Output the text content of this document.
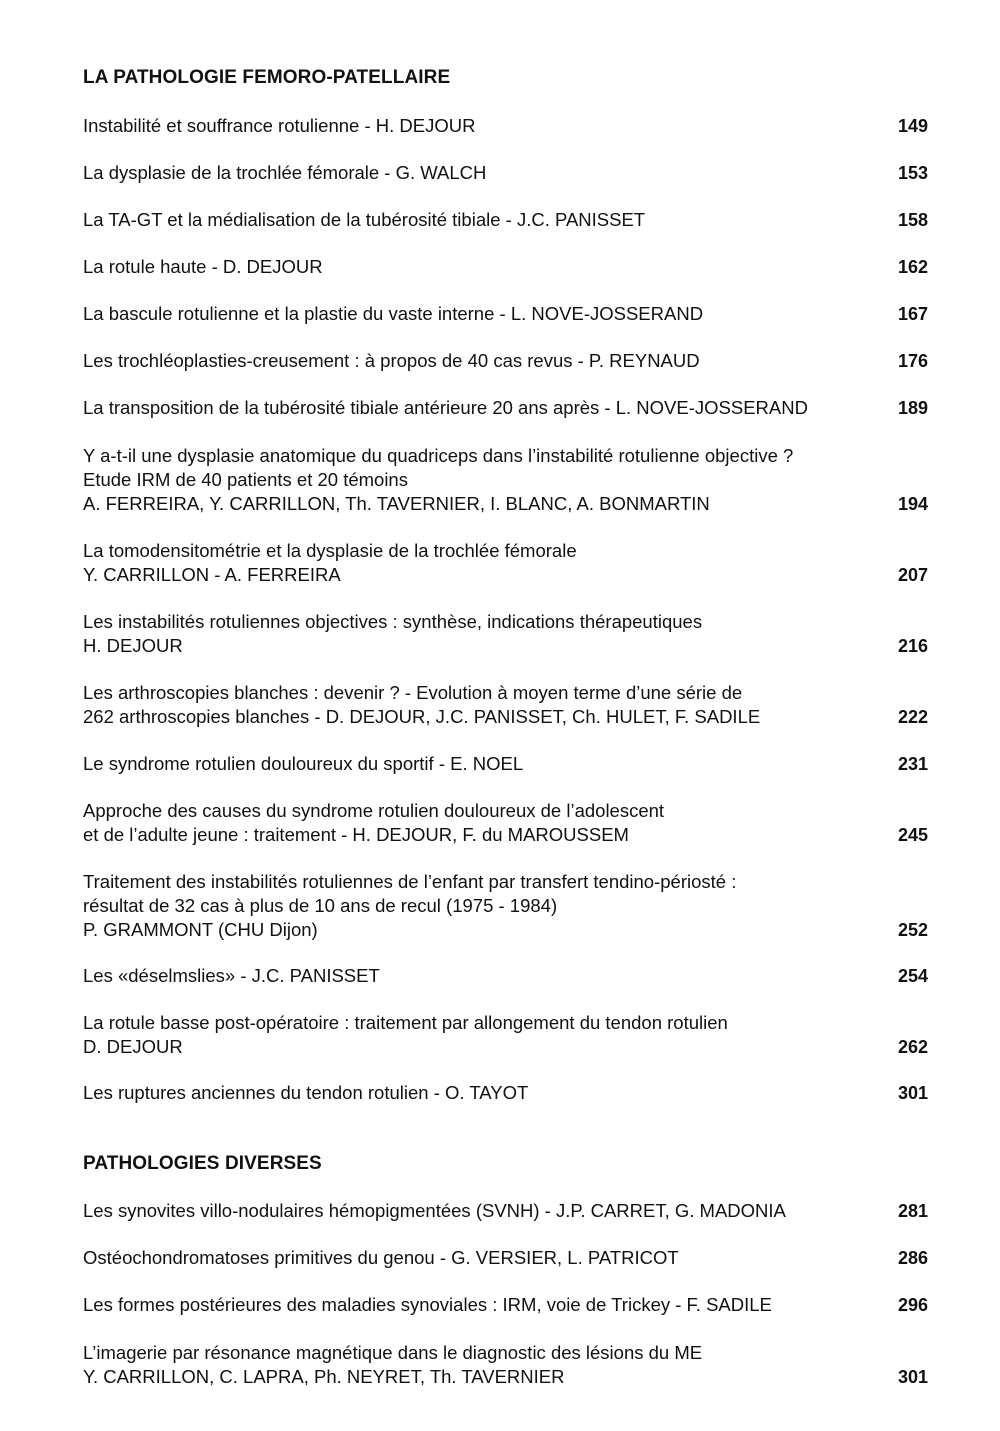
LA PATHOLOGIE FEMORO-PATELLAIRE
Instabilité et souffrance rotulienne - H. DEJOUR	149
La dysplasie de la trochlée fémorale - G. WALCH	153
La TA-GT et la médialisation de la tubérosité tibiale - J.C. PANISSET	158
La rotule haute - D. DEJOUR	162
La bascule rotulienne et la plastie du vaste interne - L. NOVE-JOSSERAND	167
Les trochléoplasties-creusement : à propos de 40 cas revus - P. REYNAUD	176
La transposition de la tubérosité tibiale antérieure 20 ans après - L. NOVE-JOSSERAND	189
Y a-t-il une dysplasie anatomique du quadriceps dans l’instabilité rotulienne objective ?
Etude IRM de 40 patients et 20 témoins
A. FERREIRA, Y. CARRILLON, Th. TAVERNIER, I. BLANC, A. BONMARTIN	194
La tomodensitométrie et la dysplasie de la trochlée fémorale
Y. CARRILLON - A. FERREIRA	207
Les instabilités rotuliennes objectives : synthèse, indications thérapeutiques
H. DEJOUR	216
Les arthroscopies blanches : devenir ? - Evolution à moyen terme d’une série de
262 arthroscopies blanches - D. DEJOUR, J.C. PANISSET, Ch. HULET, F. SADILE	222
Le syndrome rotulien douloureux du sportif - E. NOEL	231
Approche des causes du syndrome rotulien douloureux de l’adolescent
et de l’adulte jeune : traitement - H. DEJOUR, F. du MAROUSSEM	245
Traitement des instabilités rotuliennes de l’enfant par transfert tendino-périosté :
résultat de 32 cas à plus de 10 ans de recul (1975 - 1984)
P. GRAMMONT (CHU Dijon)	252
Les «déselmslies» - J.C. PANISSET	254
La rotule basse post-opératoire : traitement par allongement du tendon rotulien
D. DEJOUR	262
Les ruptures anciennes du tendon rotulien - O. TAYOT	301
PATHOLOGIES DIVERSES
Les synovites villo-nodulaires hémopigmentées (SVNH) - J.P. CARRET, G. MADONIA	281
Ostéochondromatoses primitives du genou - G. VERSIER, L. PATRICOT	286
Les formes postérieures des maladies synoviales : IRM, voie de Trickey - F. SADILE	296
L’imagerie par résonance magnétique dans le diagnostic des lésions du ME
Y. CARRILLON, C. LAPRA, Ph. NEYRET, Th. TAVERNIER	301
